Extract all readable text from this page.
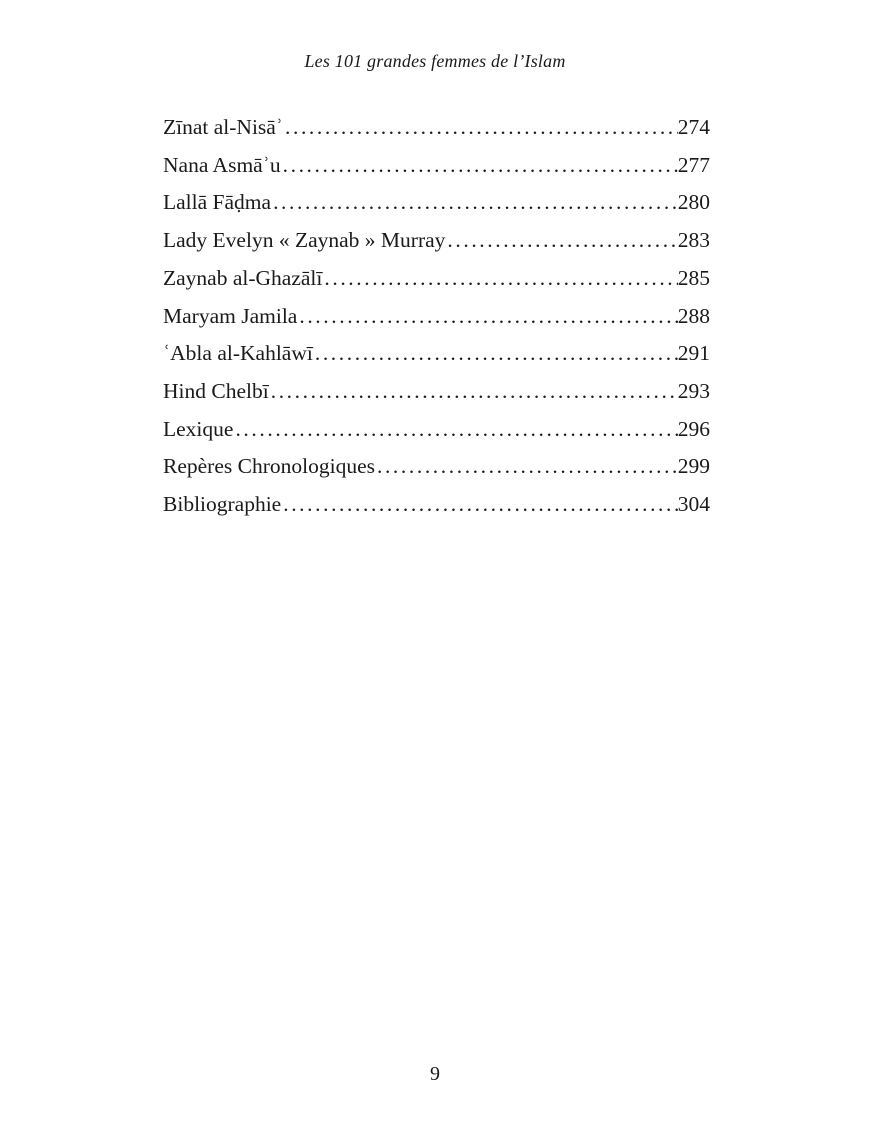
Les 101 grandes femmes de l’Islam
Zīnat al-Nisāʾ .....	274
Nana Asmāʾu .....	277
Lallā Fāḍma .....	280
Lady Evelyn « Zaynab » Murray .....	283
Zaynab al-Ghazālī .....	285
Maryam Jamila .....	288
ʿAbla al-Kahlāwī .....	291
Hind Chelbī .....	293
Lexique .....	296
Repères Chronologiques .....	299
Bibliographie .....	304
9
